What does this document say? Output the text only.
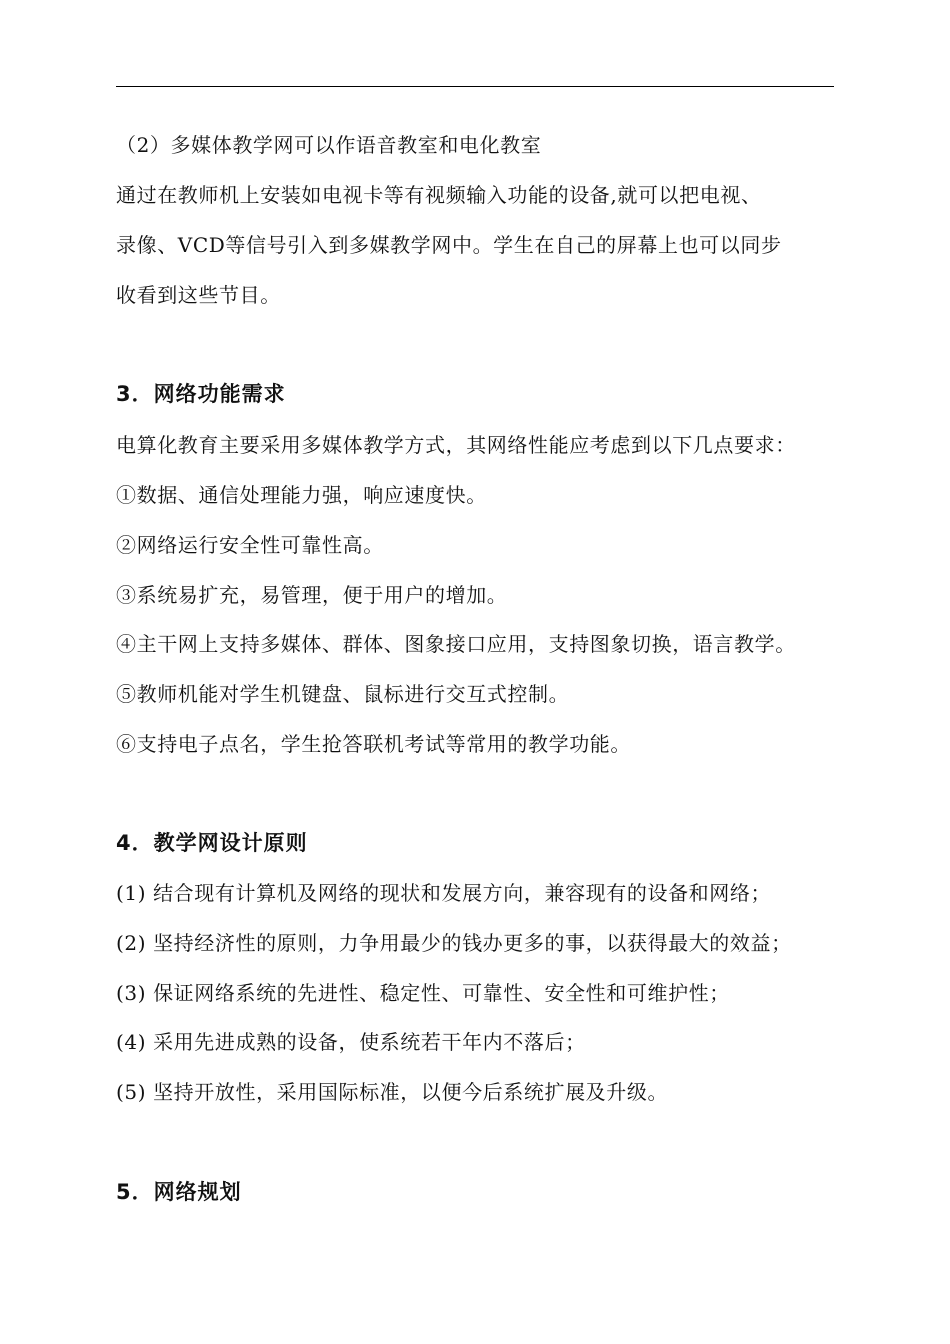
（2）多媒体教学网可以作语音教室和电化教室
通过在教师机上安装如电视卡等有视频输入功能的设备,就可以把电视、
录像、VCD等信号引入到多媒教学网中。学生在自己的屏幕上也可以同步
收看到这些节目。
3．网络功能需求
电算化教育主要采用多媒体教学方式，其网络性能应考虑到以下几点要求：
①数据、通信处理能力强，响应速度快。
②网络运行安全性可靠性高。
③系统易扩充，易管理，便于用户的增加。
④主干网上支持多媒体、群体、图象接口应用，支持图象切换，语言教学。
⑤教师机能对学生机键盘、鼠标进行交互式控制。
⑥支持电子点名，学生抢答联机考试等常用的教学功能。
4．教学网设计原则
(1) 结合现有计算机及网络的现状和发展方向，兼容现有的设备和网络；
(2) 坚持经济性的原则，力争用最少的钱办更多的事，以获得最大的效益；
(3) 保证网络系统的先进性、稳定性、可靠性、安全性和可维护性；
(4) 采用先进成熟的设备，使系统若干年内不落后；
(5) 坚持开放性，采用国际标准，以便今后系统扩展及升级。
5．网络规划
